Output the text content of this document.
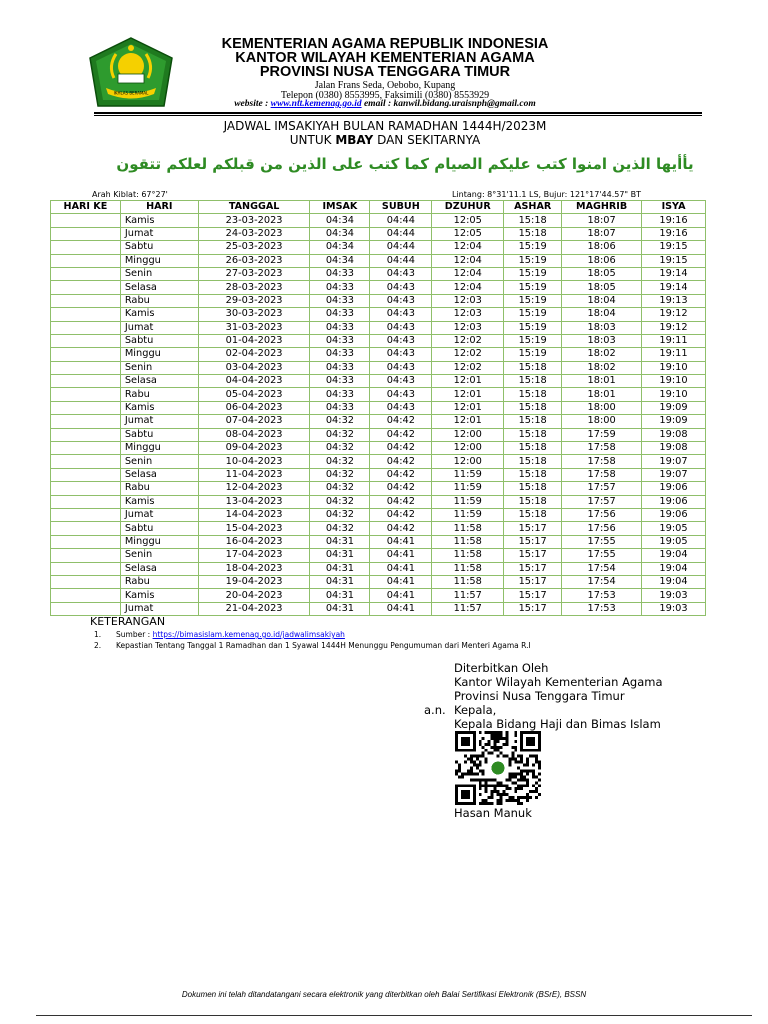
IKHLAS BERAMAL
KEMENTERIAN AGAMA REPUBLIK INDONESIA
KANTOR WILAYAH KEMENTERIAN AGAMA
PROVINSI NUSA TENGGARA TIMUR
Jalan Frans Seda, Oebobo, Kupang
Telepon (0380) 8553995, Faksimili (0380) 8553929
website : www.ntt.kemenag.go.id email : kanwil.bidang.uraisnph@gmail.com
JADWAL IMSAKIYAH BULAN RAMADHAN 1444H/2023M
UNTUK MBAY DAN SEKITARNYA
يأأيها الذين امنوا كتب عليكم الصيام كما كتب على الذين من قبلكم لعلكم تتقون
Arah Kiblat: 67°27'	Lintang: 8°31'11.1 LS, Bujur: 121°17'44.57" BT
HARI KE	HARI	TANGGAL	IMSAK	SUBUH	DZUHUR	ASHAR	MAGHRIB	ISYA
	Kamis	23-03-2023	04:34	04:44	12:05	15:18	18:07	19:16
	Jumat	24-03-2023	04:34	04:44	12:05	15:18	18:07	19:16
	Sabtu	25-03-2023	04:34	04:44	12:04	15:19	18:06	19:15
	Minggu	26-03-2023	04:34	04:44	12:04	15:19	18:06	19:15
	Senin	27-03-2023	04:33	04:43	12:04	15:19	18:05	19:14
	Selasa	28-03-2023	04:33	04:43	12:04	15:19	18:05	19:14
	Rabu	29-03-2023	04:33	04:43	12:03	15:19	18:04	19:13
	Kamis	30-03-2023	04:33	04:43	12:03	15:19	18:04	19:12
	Jumat	31-03-2023	04:33	04:43	12:03	15:19	18:03	19:12
	Sabtu	01-04-2023	04:33	04:43	12:02	15:19	18:03	19:11
	Minggu	02-04-2023	04:33	04:43	12:02	15:19	18:02	19:11
	Senin	03-04-2023	04:33	04:43	12:02	15:18	18:02	19:10
	Selasa	04-04-2023	04:33	04:43	12:01	15:18	18:01	19:10
	Rabu	05-04-2023	04:33	04:43	12:01	15:18	18:01	19:10
	Kamis	06-04-2023	04:33	04:43	12:01	15:18	18:00	19:09
	Jumat	07-04-2023	04:32	04:42	12:01	15:18	18:00	19:09
	Sabtu	08-04-2023	04:32	04:42	12:00	15:18	17:59	19:08
	Minggu	09-04-2023	04:32	04:42	12:00	15:18	17:58	19:08
	Senin	10-04-2023	04:32	04:42	12:00	15:18	17:58	19:07
	Selasa	11-04-2023	04:32	04:42	11:59	15:18	17:58	19:07
	Rabu	12-04-2023	04:32	04:42	11:59	15:18	17:57	19:06
	Kamis	13-04-2023	04:32	04:42	11:59	15:18	17:57	19:06
	Jumat	14-04-2023	04:32	04:42	11:59	15:18	17:56	19:06
	Sabtu	15-04-2023	04:32	04:42	11:58	15:17	17:56	19:05
	Minggu	16-04-2023	04:31	04:41	11:58	15:17	17:55	19:05
	Senin	17-04-2023	04:31	04:41	11:58	15:17	17:55	19:04
	Selasa	18-04-2023	04:31	04:41	11:58	15:17	17:54	19:04
	Rabu	19-04-2023	04:31	04:41	11:58	15:17	17:54	19:04
	Kamis	20-04-2023	04:31	04:41	11:57	15:17	17:53	19:03
	Jumat	21-04-2023	04:31	04:41	11:57	15:17	17:53	19:03
KETERANGAN
1. Sumber : https://bimasislam.kemenag.go.id/jadwalimsakiyah
2. Kepastian Tentang Tanggal 1 Ramadhan dan 1 Syawal 1444H Menunggu Pengumuman dari Menteri Agama R.I
Diterbitkan Oleh
Kantor Wilayah Kementerian Agama
Provinsi Nusa Tenggara Timur
a.n. Kepala,
Kepala Bidang Haji dan Bimas Islam
Hasan Manuk
Dokumen ini telah ditandatangani secara elektronik yang diterbitkan oleh Balai Sertifikasi Elektronik (BSrE), BSSN
